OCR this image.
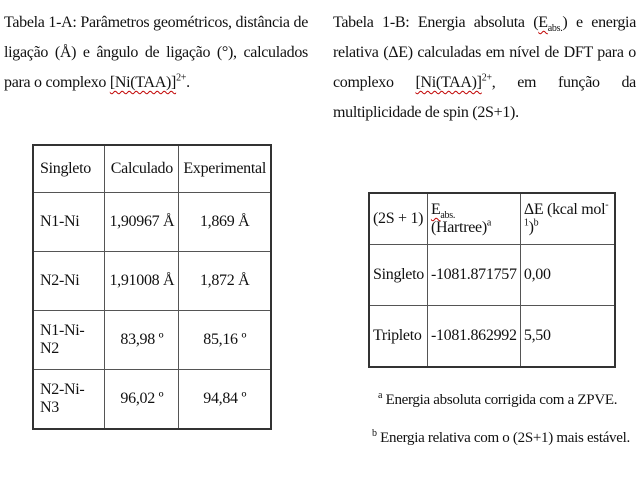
Tabela 1-A: Parâmetros geométricos, distância de ligação (Å) e ângulo de ligação (°), calculados para o complexo $[Ni(TAA)]^{2+}$.
Singleto	Calculado	Experimental
N1-Ni	1,90967 Å	1,869 Å
N2-Ni	1,91008 Å	1,872 Å
N1-Ni-N2	83,98 º	85,16 º
N2-Ni-N3	96,02 º	94,84 º
Tabela 1-B: Energia absoluta $(E_{abs.})$ e energia relativa (ΔE) calculadas em nível de DFT para o complexo $[Ni(TAA)]^{2+}$, em função da multiplicidade de spin (2S+1).
(2S + 1)	$E_{abs.}$ (Hartree)$^a$	ΔE (kcal mol$^{-1}$)$^b$
Singleto	-1081.871757	0,00
Tripleto	-1081.862992	5,50
$^a$ Energia absoluta corrigida com a ZPVE.
$^b$ Energia relativa com o (2S+1) mais estável.
